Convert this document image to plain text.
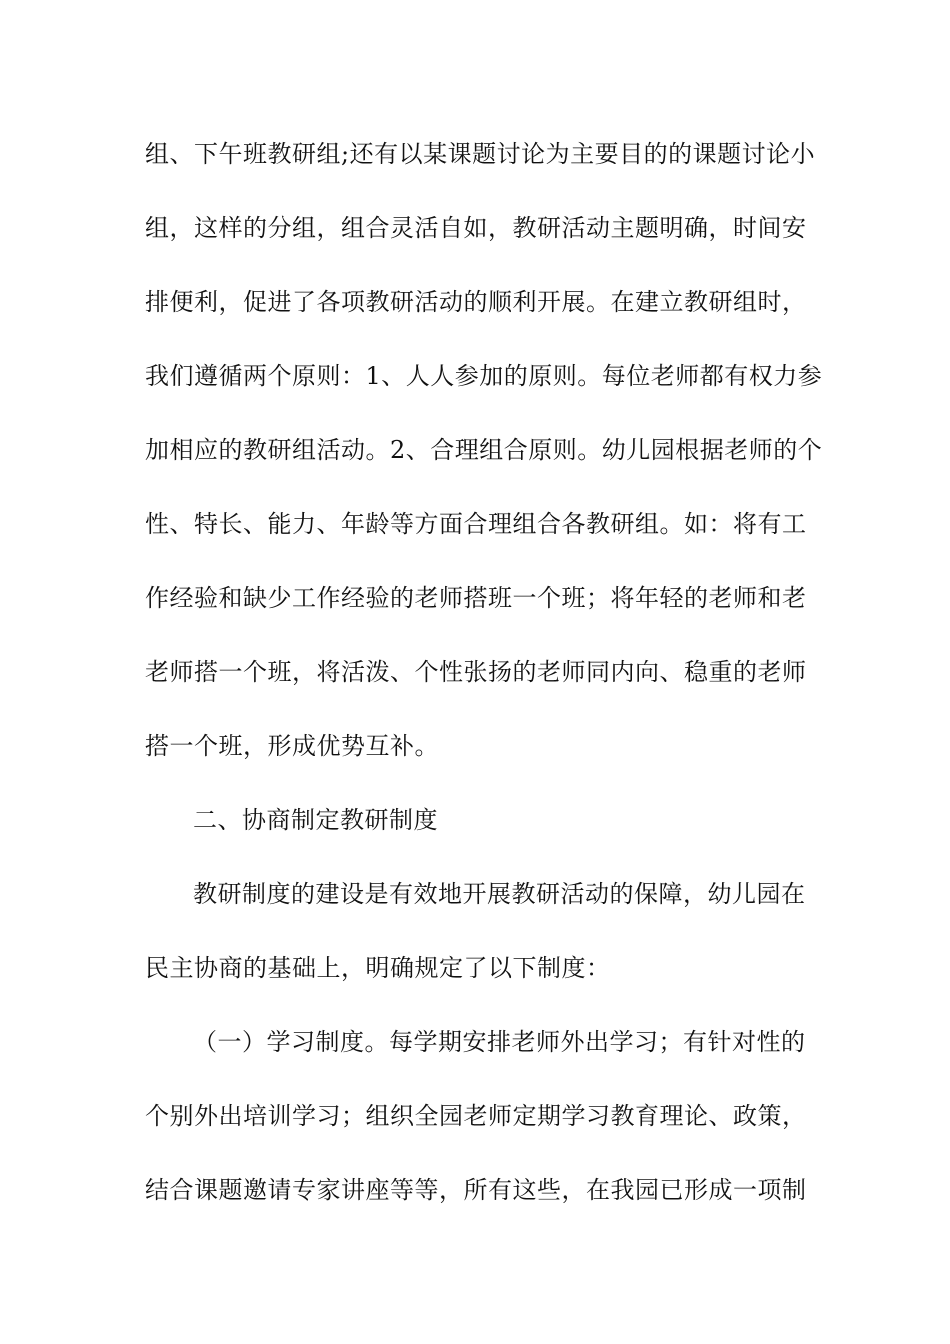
组、下午班教研组;还有以某课题讨论为主要目的的课题讨论小
组，这样的分组，组合灵活自如，教研活动主题明确，时间安
排便利，促进了各项教研活动的顺利开展。在建立教研组时，
我们遵循两个原则：1、人人参加的原则。每位老师都有权力参
加相应的教研组活动。2、合理组合原则。幼儿园根据老师的个
性、特长、能力、年龄等方面合理组合各教研组。如：将有工
作经验和缺少工作经验的老师搭班一个班；将年轻的老师和老
老师搭一个班，将活泼、个性张扬的老师同内向、稳重的老师
搭一个班，形成优势互补。
二、协商制定教研制度
教研制度的建设是有效地开展教研活动的保障，幼儿园在
民主协商的基础上，明确规定了以下制度：
（一）学习制度。每学期安排老师外出学习；有针对性的
个别外出培训学习；组织全园老师定期学习教育理论、政策，
结合课题邀请专家讲座等等，所有这些，在我园已形成一项制
